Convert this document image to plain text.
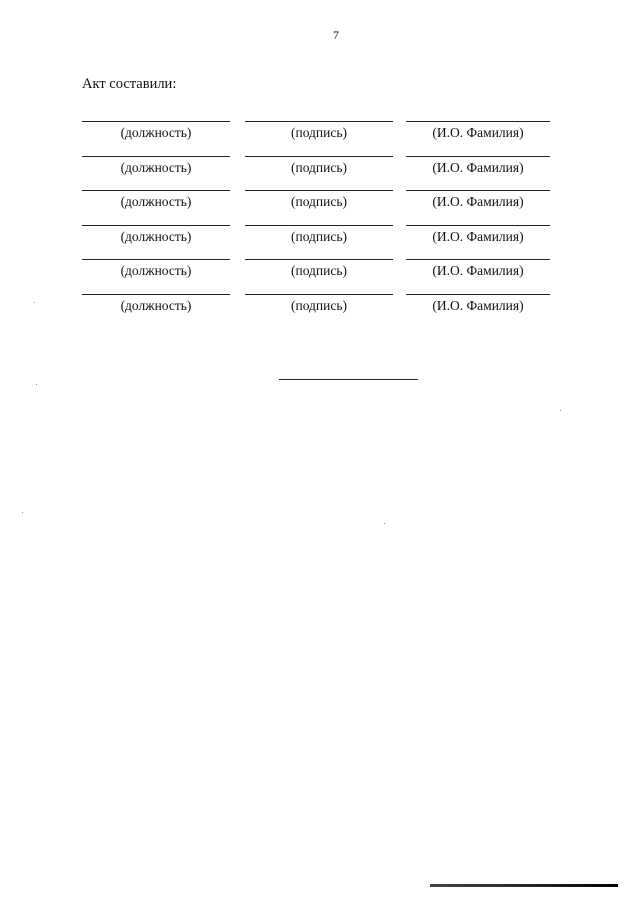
7
Акт составили:
(должность)	(подпись)	(И.О. Фамилия)
(должность)	(подпись)	(И.О. Фамилия)
(должность)	(подпись)	(И.О. Фамилия)
(должность)	(подпись)	(И.О. Фамилия)
(должность)	(подпись)	(И.О. Фамилия)
(должность)	(подпись)	(И.О. Фамилия)
